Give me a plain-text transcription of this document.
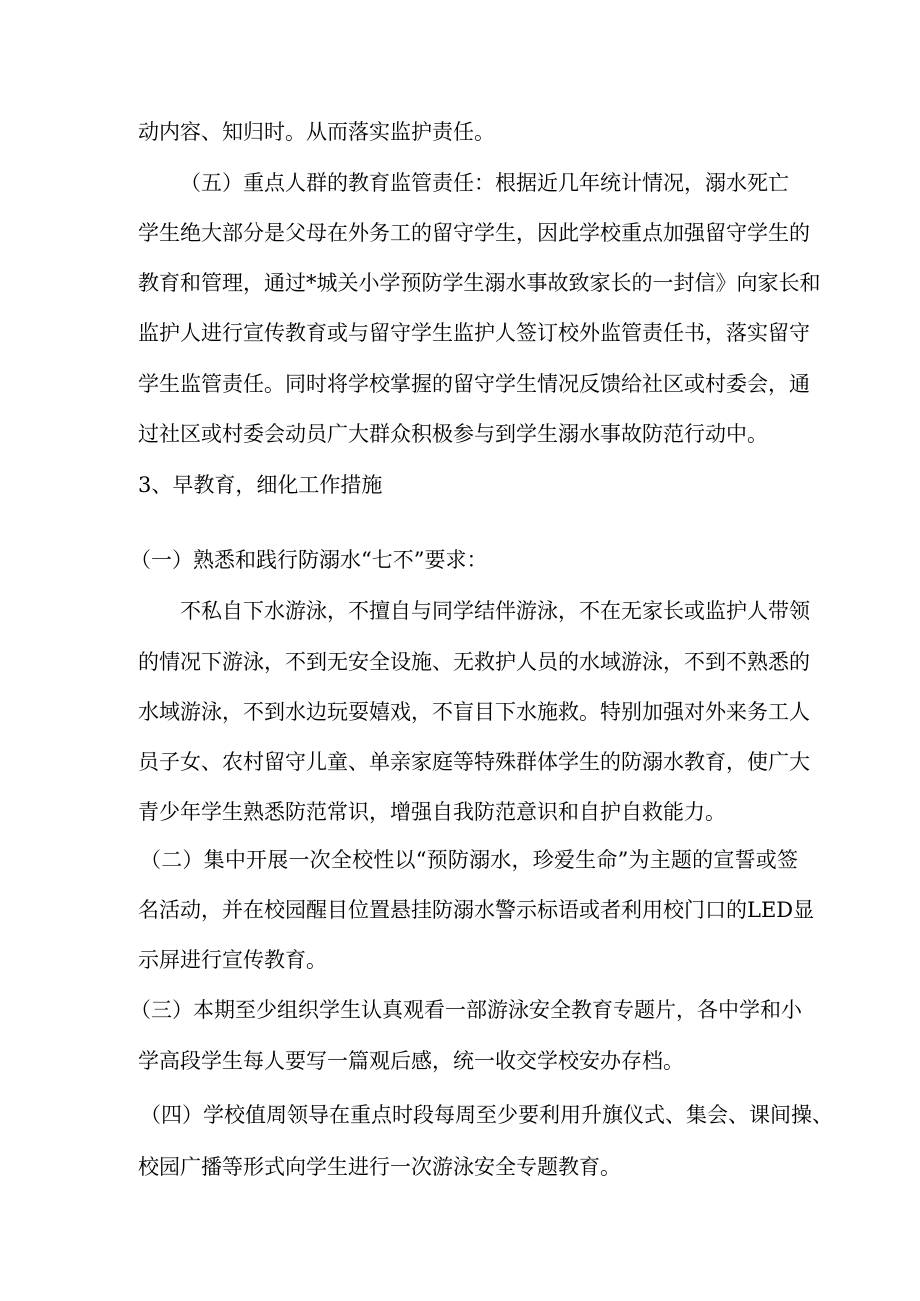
动内容、知归时。从而落实监护责任。
（五）重点人群的教育监管责任：根据近几年统计情况，溺水死亡
学生绝大部分是父母在外务工的留守学生，因此学校重点加强留守学生的
教育和管理，通过*城关小学预防学生溺水事故致家长的一封信》向家长和
监护人进行宣传教育或与留守学生监护人签订校外监管责任书，落实留守
学生监管责任。同时将学校掌握的留守学生情况反馈给社区或村委会，通
过社区或村委会动员广大群众积极参与到学生溺水事故防范行动中。
3、早教育，细化工作措施
（一）熟悉和践行防溺水“七不”要求：
不私自下水游泳，不擅自与同学结伴游泳，不在无家长或监护人带领
的情况下游泳，不到无安全设施、无救护人员的水域游泳，不到不熟悉的
水域游泳，不到水边玩耍嬉戏，不盲目下水施救。特别加强对外来务工人
员子女、农村留守儿童、单亲家庭等特殊群体学生的防溺水教育，使广大
青少年学生熟悉防范常识，增强自我防范意识和自护自救能力。
（二）集中开展一次全校性以“预防溺水，珍爱生命”为主题的宣誓或签
名活动，并在校园醒目位置悬挂防溺水警示标语或者利用校门口的LED显
示屏进行宣传教育。
（三）本期至少组织学生认真观看一部游泳安全教育专题片，各中学和小
学高段学生每人要写一篇观后感，统一收交学校安办存档。
（四）学校值周领导在重点时段每周至少要利用升旗仪式、集会、课间操、
校园广播等形式向学生进行一次游泳安全专题教育。
